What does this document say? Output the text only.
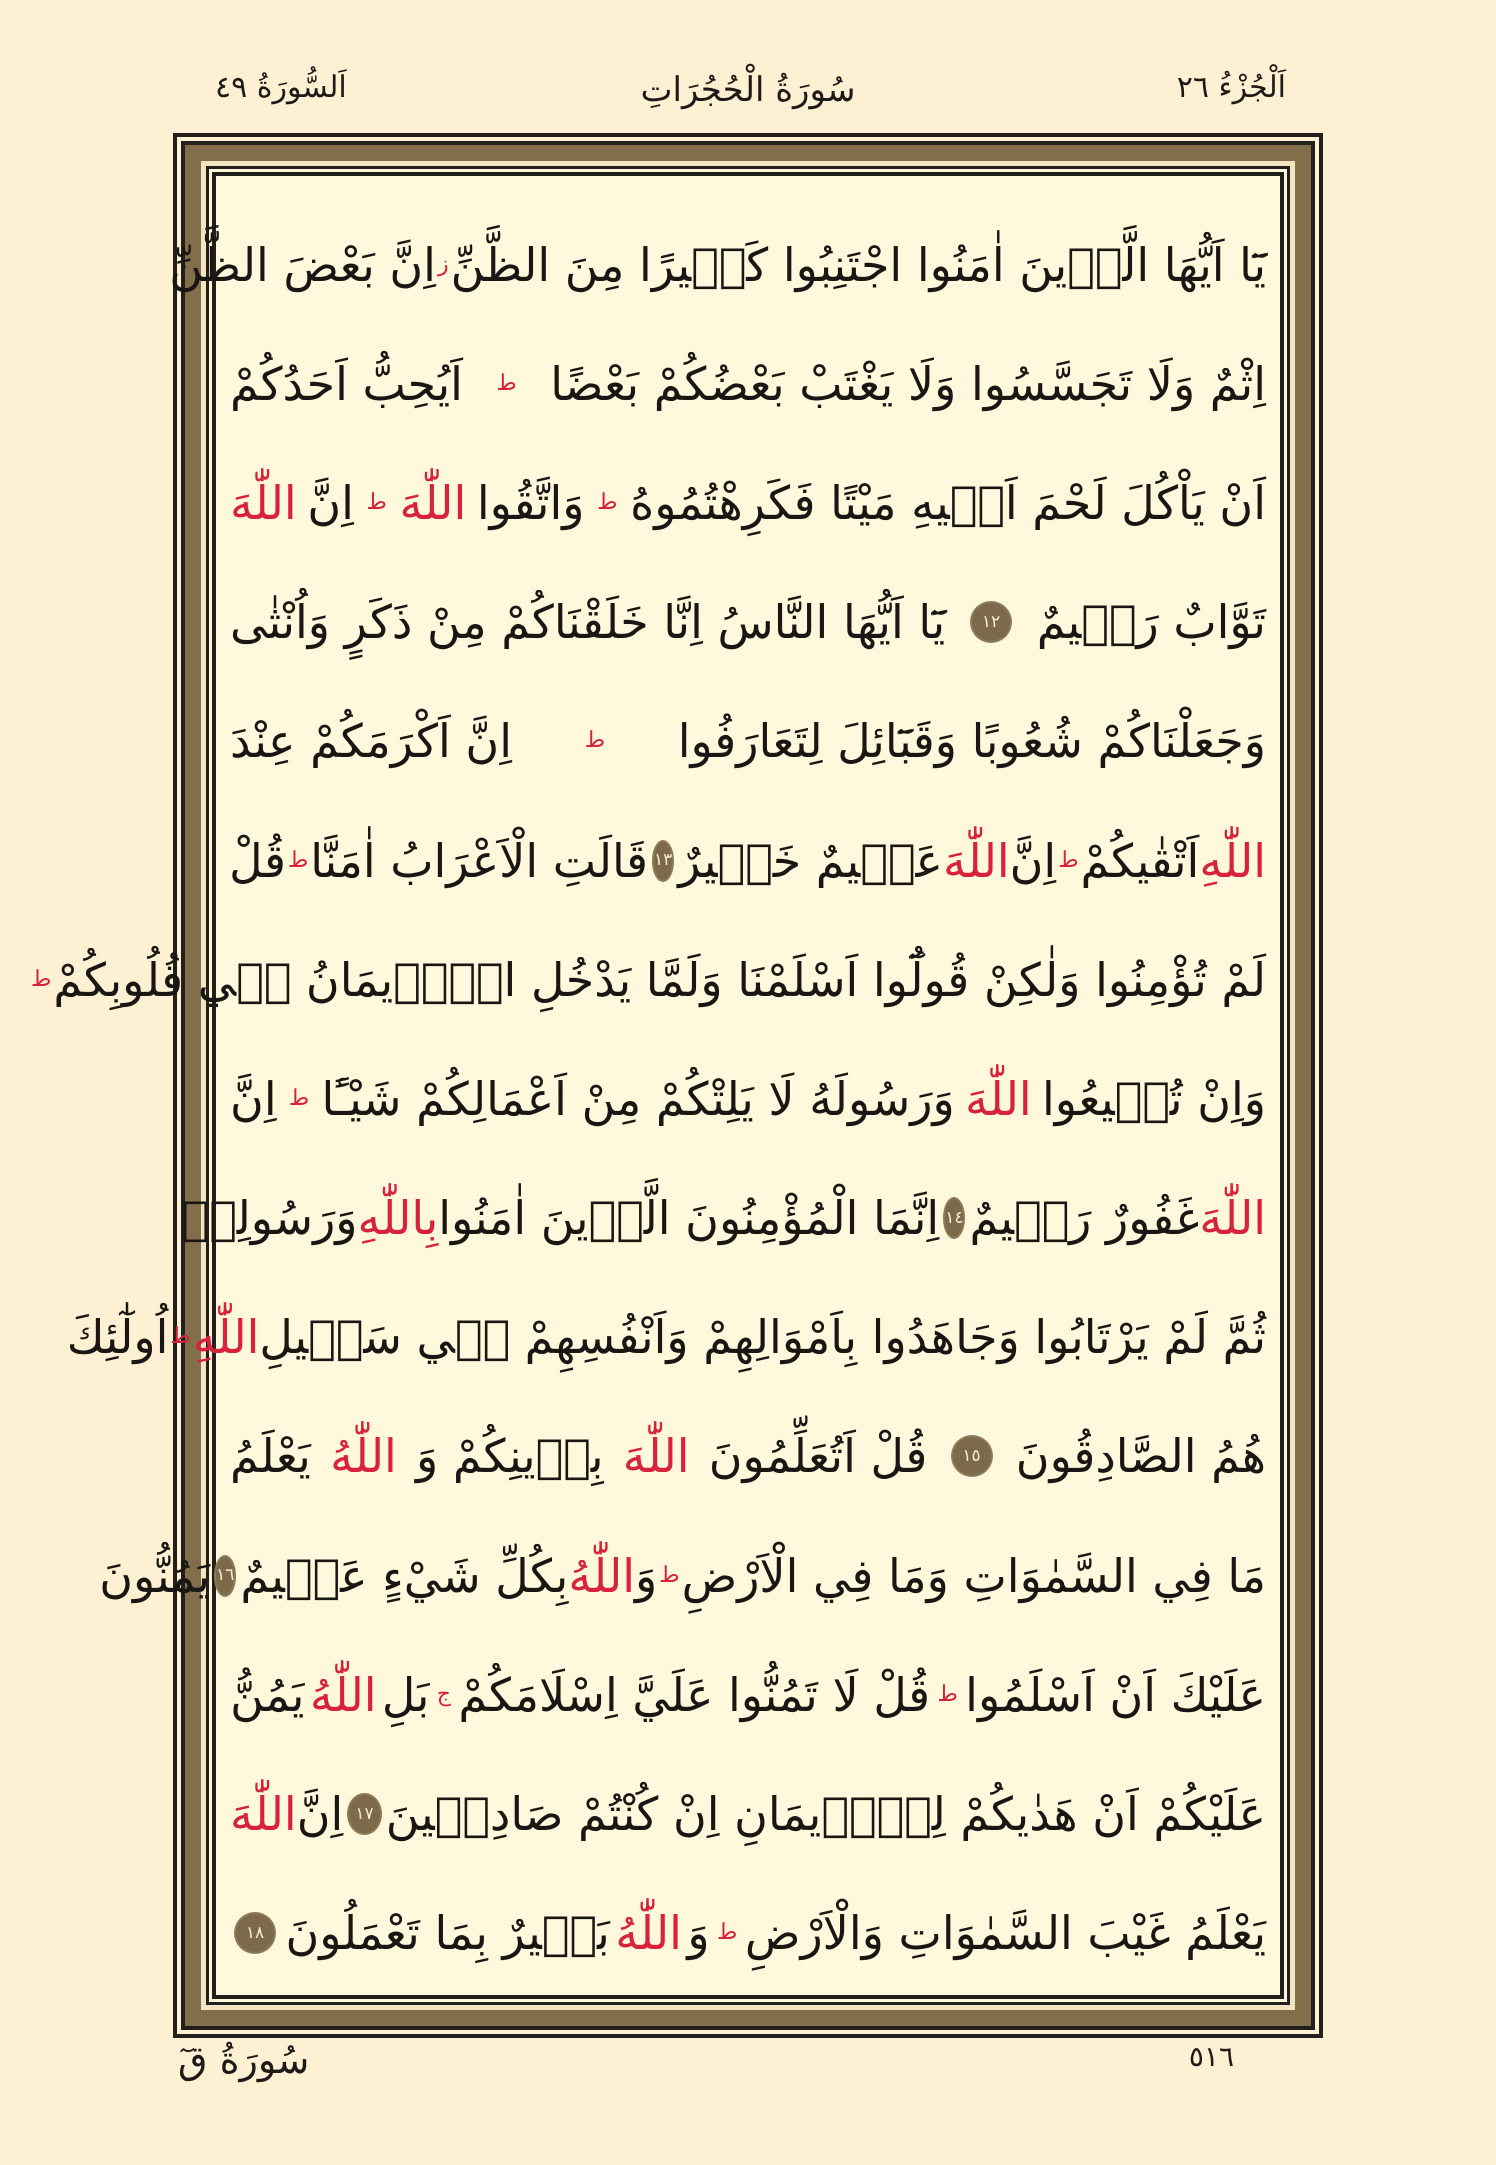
اَلْجُزْءُ ٢٦
سُورَةُ الْحُجُرَاتِ
اَلسُّورَةُ ٤٩
يَٓا اَيُّهَا الَّذٖينَ اٰمَنُوا اجْتَنِبُوا كَثٖيرًا مِنَ الظَّنِّ
ز
اِنَّ بَعْضَ الظَّنِّ
اِثْمٌ وَلَا تَجَسَّسُوا وَلَا يَغْتَبْ بَعْضُكُمْ بَعْضًا
ط
اَيُحِبُّ اَحَدُكُمْ
اَنْ يَاْكُلَ لَحْمَ اَخٖيهِ مَيْتًا فَكَرِهْتُمُوهُ
ط
وَاتَّقُوا
اللّٰهَ
ط
اِنَّ
اللّٰهَ
تَوَّابٌ رَحٖيمٌ
١٢
يَٓا اَيُّهَا النَّاسُ اِنَّا خَلَقْنَاكُمْ مِنْ ذَكَرٍ وَاُنْثٰى
وَجَعَلْنَاكُمْ شُعُوبًا وَقَبَٓائِلَ لِتَعَارَفُوا
ط
اِنَّ اَكْرَمَكُمْ عِنْدَ
اللّٰهِ
اَتْقٰيكُمْ
ط
اِنَّ
اللّٰهَ
عَلٖيمٌ خَبٖيرٌ
١٣
قَالَتِ الْاَعْرَابُ اٰمَنَّا
ط
قُلْ
لَمْ تُؤْمِنُوا وَلٰكِنْ قُولُٓوا اَسْلَمْنَا وَلَمَّا يَدْخُلِ الْاٖيمَانُ فٖي قُلُوبِكُمْ
ط
وَاِنْ تُطٖيعُوا
اللّٰهَ
وَرَسُولَهُ لَا يَلِتْكُمْ مِنْ اَعْمَالِكُمْ شَيْـًٔا
ط
اِنَّ
اللّٰهَ
غَفُورٌ رَحٖيمٌ
١٤
اِنَّمَا الْمُؤْمِنُونَ الَّذٖينَ اٰمَنُوا
بِاللّٰهِ
وَرَسُولِهٖ
ثُمَّ لَمْ يَرْتَابُوا وَجَاهَدُوا بِاَمْوَالِهِمْ وَاَنْفُسِهِمْ فٖي سَبٖيلِ
اللّٰهِ
ط
اُولٰٓئِكَ
هُمُ الصَّادِقُونَ
١٥
قُلْ اَتُعَلِّمُونَ
اللّٰهَ
بِدٖينِكُمْ وَ
اللّٰهُ
يَعْلَمُ
مَا فِي السَّمٰوَاتِ وَمَا فِي الْاَرْضِ
ط
وَ
اللّٰهُ
بِكُلِّ شَيْءٍ عَلٖيمٌ
١٦
يَمُنُّونَ
عَلَيْكَ اَنْ اَسْلَمُوا
ط
قُلْ لَا تَمُنُّوا عَلَيَّ اِسْلَامَكُمْ
ج
بَلِ
اللّٰهُ
يَمُنُّ
عَلَيْكُمْ اَنْ هَدٰيكُمْ لِلْاٖيمَانِ اِنْ كُنْتُمْ صَادِقٖينَ
١٧
اِنَّ
اللّٰهَ
يَعْلَمُ غَيْبَ السَّمٰوَاتِ وَالْاَرْضِ
ط
وَ
اللّٰهُ
بَصٖيرٌ بِمَا تَعْمَلُونَ
١٨
٥١٦
سُورَةُ قٓ
